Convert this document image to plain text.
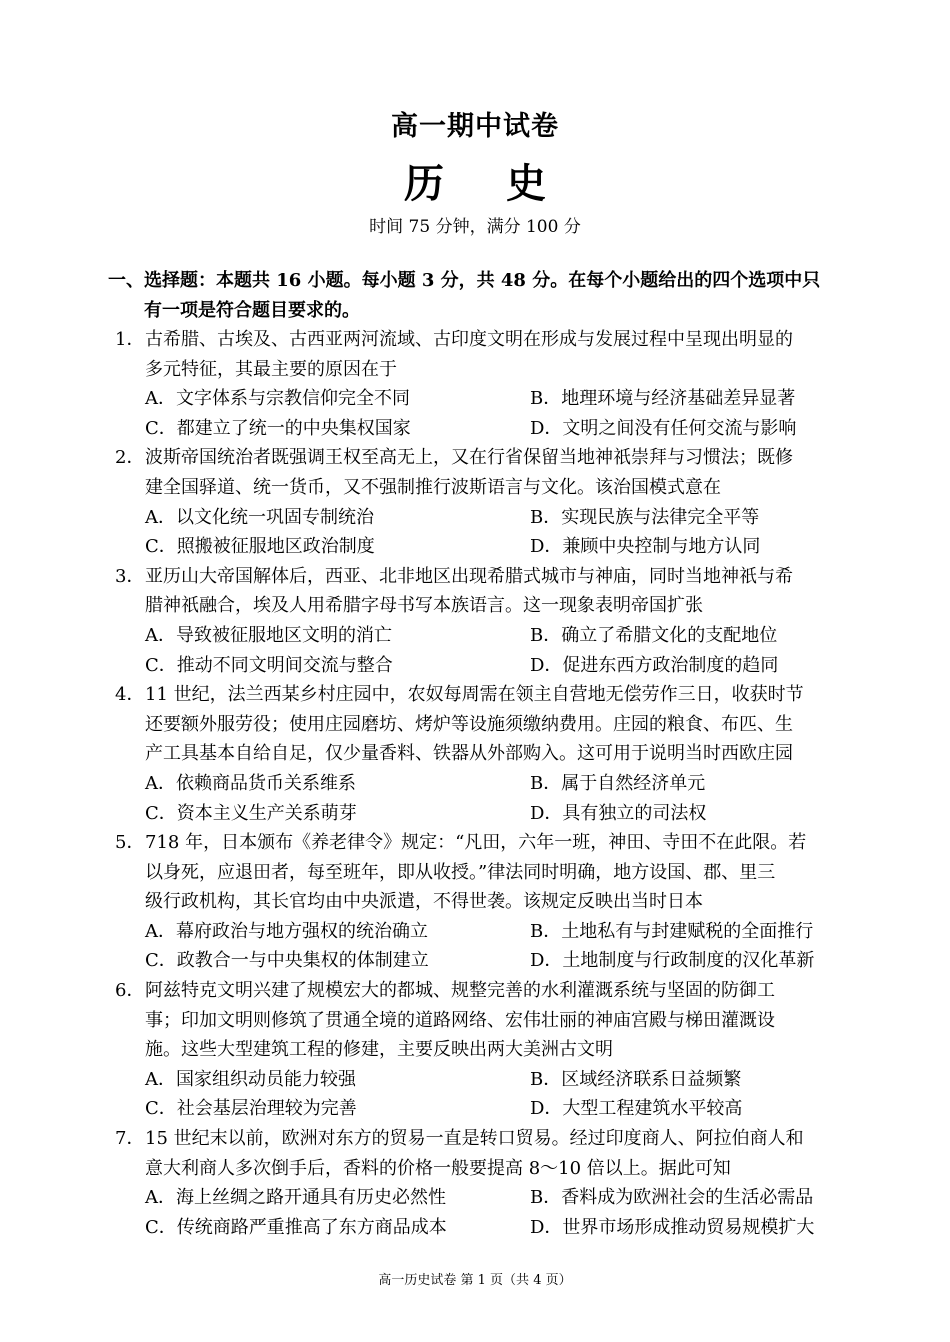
高一期中试卷
历 史
时间 75 分钟，满分 100 分
一、选择题：本题共 16 小题。每小题 3 分，共 48 分。在每个小题给出的四个选项中只
有一项是符合题目要求的。
1． 古希腊、古埃及、古西亚两河流域、古印度文明在形成与发展过程中呈现出明显的
多元特征，其最主要的原因在于
A．文字体系与宗教信仰完全不同	B．地理环境与经济基础差异显著
C．都建立了统一的中央集权国家	D．文明之间没有任何交流与影响
2． 波斯帝国统治者既强调王权至高无上，又在行省保留当地神祇崇拜与习惯法；既修
建全国驿道、统一货币，又不强制推行波斯语言与文化。该治国模式意在
A．以文化统一巩固专制统治	B．实现民族与法律完全平等
C．照搬被征服地区政治制度	D．兼顾中央控制与地方认同
3． 亚历山大帝国解体后，西亚、北非地区出现希腊式城市与神庙，同时当地神祇与希
腊神祇融合，埃及人用希腊字母书写本族语言。这一现象表明帝国扩张
A．导致被征服地区文明的消亡	B．确立了希腊文化的支配地位
C．推动不同文明间交流与整合	D．促进东西方政治制度的趋同
4． 11 世纪，法兰西某乡村庄园中，农奴每周需在领主自营地无偿劳作三日，收获时节
还要额外服劳役；使用庄园磨坊、烤炉等设施须缴纳费用。庄园的粮食、布匹、生
产工具基本自给自足，仅少量香料、铁器从外部购入。这可用于说明当时西欧庄园
A．依赖商品货币关系维系	B．属于自然经济单元
C．资本主义生产关系萌芽	D．具有独立的司法权
5． 718 年，日本颁布《养老律令》规定：“凡田，六年一班，神田、寺田不在此限。若
以身死，应退田者，每至班年，即从收授。”律法同时明确，地方设国、郡、里三
级行政机构，其长官均由中央派遣，不得世袭。该规定反映出当时日本
A．幕府政治与地方强权的统治确立	B．土地私有与封建赋税的全面推行
C．政教合一与中央集权的体制建立	D．土地制度与行政制度的汉化革新
6． 阿兹特克文明兴建了规模宏大的都城、规整完善的水利灌溉系统与坚固的防御工
事；印加文明则修筑了贯通全境的道路网络、宏伟壮丽的神庙宫殿与梯田灌溉设
施。这些大型建筑工程的修建，主要反映出两大美洲古文明
A．国家组织动员能力较强	B．区域经济联系日益频繁
C．社会基层治理较为完善	D．大型工程建筑水平较高
7． 15 世纪末以前，欧洲对东方的贸易一直是转口贸易。经过印度商人、阿拉伯商人和
意大利商人多次倒手后，香料的价格一般要提高 8～10 倍以上。据此可知
A．海上丝绸之路开通具有历史必然性	B．香料成为欧洲社会的生活必需品
C．传统商路严重推高了东方商品成本	D．世界市场形成推动贸易规模扩大
高一历史试卷 第 1 页（共 4 页）
